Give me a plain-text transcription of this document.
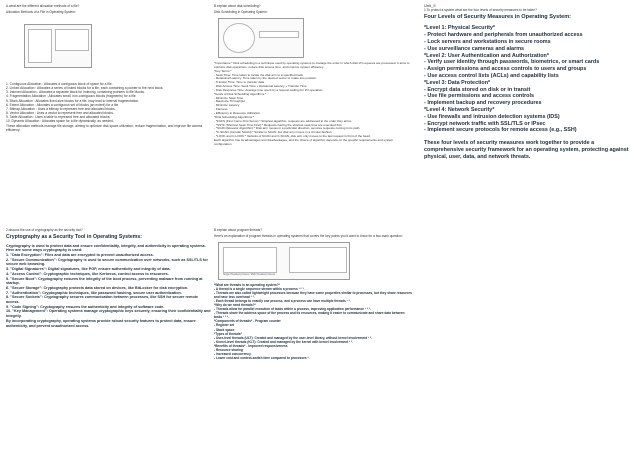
A.what are the different allocation methods of a file?
Allocation Methods of a File in Operating System:
1. Contiguous Allocation : Allocates a contiguous block of space for a file.
2. Linked Allocation : Allocates a series of linked blocks for a file, each containing a pointer to the next block.
3. Indexed Allocation : Allocates a separate block for indexing, containing pointers to file blocks.
4. Fragmentation Allocation : Allocates small, non-contiguous blocks (fragments) for a file.
5. Block Allocation : Allocates fixed-size blocks for a file, may lead to internal fragmentation.
6. Extent Allocation : Allocates a contiguous set of blocks (an extent) for a file.
7. Bitmap Allocation : Uses a bitmap to represent free and allocated blocks.
8. Vector Allocation : Uses a vector to represent free and allocated blocks.
9. Table Allocation : Uses a table to represent free and allocated blocks.
10. Dynamic Allocation : Allocates space for a file dynamically, as needed.
These allocation methods manage file storage, aiming to optimize disk space utilization, reduce fragmentation, and improve file access efficiency.
2.discuss the use of cryptography as the security tool?
Cryptography as a Security Tool in Operating Systems:
Cryptography is used to protect data and ensure confidentiality, integrity, and authenticity in operating systems. Here are some ways cryptography is used:
1. "Data Encryption": Files and data are encrypted to prevent unauthorized access.
2. "Secure Communication": Cryptography is used to secure communication over networks, such as SSL/TLS for secure web browsing.
3. "Digital Signatures": Digital signatures, like PGP, ensure authenticity and integrity of data.
4. "Access Control": Cryptographic techniques, like Kerberos, control access to resources.
5. "Secure Boot": Cryptography ensures the integrity of the boot process, preventing malware from running at startup.
6. "Secure Storage": Cryptography protects data stored on devices, like BitLocker for disk encryption.
7. "Authentication": Cryptographic techniques, like password hashing, secure user authentication.
8. "Secure Sockets": Cryptography secures communication between processes, like SSH for secure remote access.
9. "Code Signing": Cryptography ensures the authenticity and integrity of software code.
10. "Key Management": Operating systems manage cryptographic keys securely, ensuring their confidentiality and integrity.
By incorporating cryptography, operating systems provide robust security features to protect data, ensure authenticity, and prevent unauthorized access.
B.explain about disk scheduling?
Disk Scheduling in Operating System:
*Importance:* Disk scheduling is a technique used by operating systems to manage the order in which disk I/O requests are processed. It aims to optimize disk operations, reduce disk access time, and improve system efficiency.
*Key Terms:*
- Seek Time: Time taken to locate the disk arm to a specified track.
- Rotational Latency: Time taken by the desired sector to rotate into position.
- Transfer Time: Time to transfer data.
- Disk Access Time: Seek Time + Rotational Latency + Transfer Time.
- Disk Response Time: Average time spent by a request waiting for I/O operation.
*Goals of Disk Scheduling Algorithms:*
- Minimize Seek Time
- Maximize Throughput
- Minimize Latency
- Fairness
- Efficiency in Resource Utilization
*Disk Scheduling Algorithms:*
- *FCFS (First Come First Serve):* Simplest algorithm, requests are addressed in the order they arrive.
- *SSTF (Shortest Seek Time First):* Requests having the shortest seek time are executed first.
- *SCAN (Elevator Algorithm):* Disk arm moves in a particular direction, services requests coming in its path.
- *C-SCAN (Circular SCAN):* Similar to SCAN, but disk arm moves in a circular fashion.
- *LOOK and C-LOOK:* Variants of SCAN and C-SCAN, disk arm only moves to the last request in front of the head.
Each algorithm has its advantages and disadvantages, and the choice of algorithm depends on the specific requirements and system configuration.
B.explain about program threads?
Here's an explanation of program threads in operating systems that covers the key points you'd want to know for a two-mark question:
Single threaded process / Multi threaded process
*What are threads in an operating system?*
- A thread is a single sequence stream within a process ¹ ² ³.
- Threads are also called lightweight processes because they have some properties similar to processes, but they share resources and have less overhead ¹ ².
- Each thread belongs to exactly one process, and a process can have multiple threads ¹ ².
*Why do we need threads?*
- Threads allow for parallel execution of tasks within a process, improving application performance ¹ ² ³.
- Threads share the address space of the process and its resources, making it easier to communicate and share data between tasks ¹ ² ³.
*Components of threads* - Program counter
- Register set
- Stack space
*Types of threads*
- User-level threads (ULT): Created and managed by the user-level library, without kernel involvement ¹ ².
- Kernel-level threads (KLT): Created and managed by the kernel with kernel involvement ¹ ².
*Benefits of threads* - Improved responsiveness
- Resource sharing
- Increased concurrency
- Lower cost and context-switch time compared to processes ³.
Unit_5
1.To protect a system what are the four levels of security measures to be taken?
Four Levels of Security Measures in Operating System:
*Level 1: Physical Security*
- Protect hardware and peripherals from unauthorized access
- Lock servers and workstations in secure rooms
- Use surveillance cameras and alarms
*Level 2: User Authentication and Authorization*
- Verify user identity through passwords, biometrics, or smart cards
- Assign permissions and access controls to users and groups
- Use access control lists (ACLs) and capability lists
*Level 3: Data Protection*
- Encrypt data stored on disk or in transit
- Use file permissions and access controls
- Implement backup and recovery procedures
*Level 4: Network Security*
- Use firewalls and intrusion detection systems (IDS)
- Encrypt network traffic with SSL/TLS or IPsec
- Implement secure protocols for remote access (e.g., SSH)
These four levels of security measures work together to provide a comprehensive security framework for an operating system, protecting against physical, user, data, and network threats.
